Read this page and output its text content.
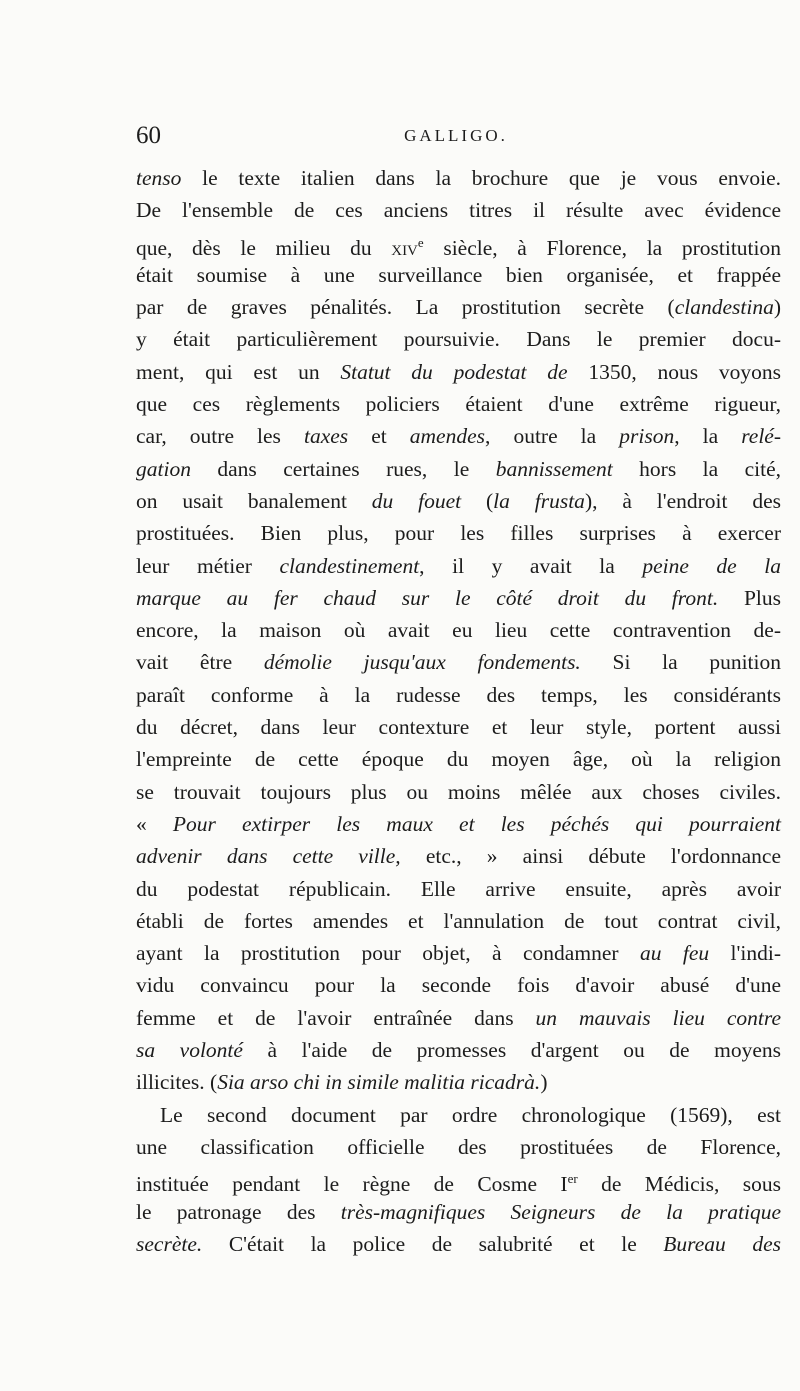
60	GALLIGO.
tenso le texte italien dans la brochure que je vous envoie.
De l'ensemble de ces anciens titres il résulte avec évidence
que, dès le milieu du xiv$^e$ siècle, à Florence, la prostitution
était soumise à une surveillance bien organisée, et frappée
par de graves pénalités. La prostitution secrète (clandestina)
y était particulièrement poursuivie. Dans le premier docu-
ment, qui est un Statut du podestat de 1350, nous voyons
que ces règlements policiers étaient d'une extrême rigueur,
car, outre les taxes et amendes, outre la prison, la relé-
gation dans certaines rues, le bannissement hors la cité,
on usait banalement du fouet (la frusta), à l'endroit des
prostituées. Bien plus, pour les filles surprises à exercer
leur métier clandestinement, il y avait la peine de la
marque au fer chaud sur le côté droit du front. Plus
encore, la maison où avait eu lieu cette contravention de-
vait être démolie jusqu'aux fondements. Si la punition
paraît conforme à la rudesse des temps, les considérants
du décret, dans leur contexture et leur style, portent aussi
l'empreinte de cette époque du moyen âge, où la religion
se trouvait toujours plus ou moins mêlée aux choses civiles.
« Pour extirper les maux et les péchés qui pourraient
advenir dans cette ville, etc., » ainsi débute l'ordonnance
du podestat républicain. Elle arrive ensuite, après avoir
établi de fortes amendes et l'annulation de tout contrat civil,
ayant la prostitution pour objet, à condamner au feu l'indi-
vidu convaincu pour la seconde fois d'avoir abusé d'une
femme et de l'avoir entraînée dans un mauvais lieu contre
sa volonté à l'aide de promesses d'argent ou de moyens
illicites. (Sia arso chi in simile malitia ricadrà.)
Le second document par ordre chronologique (1569), est
une classification officielle des prostituées de Florence,
instituée pendant le règne de Cosme Ier de Médicis, sous
le patronage des très-magnifiques Seigneurs de la pratique
secrète. C'était la police de salubrité et le Bureau des
